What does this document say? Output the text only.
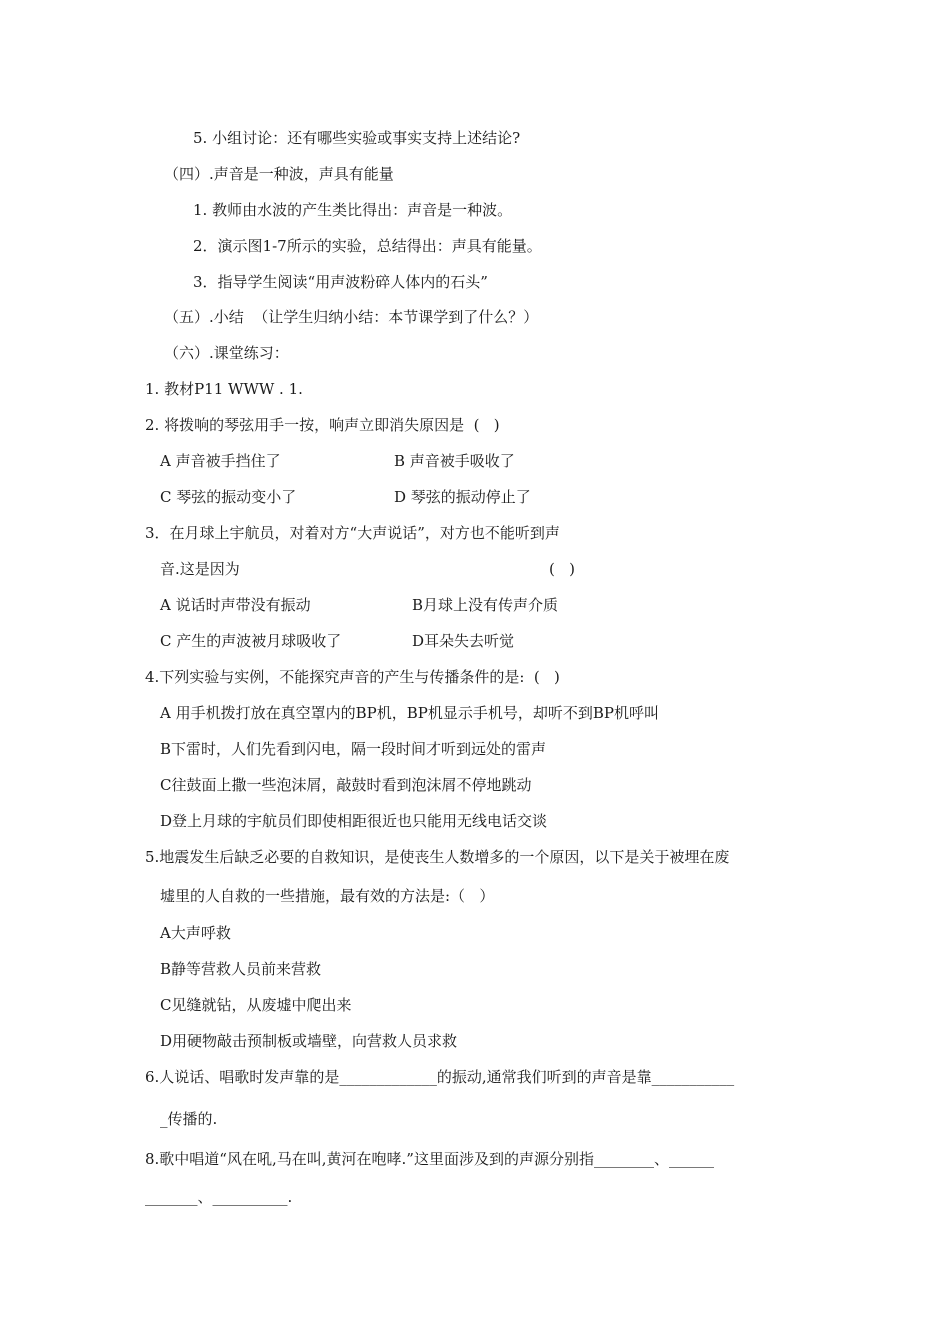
5. 小组讨论：还有哪些实验或事实支持上述结论?
（四）.声音是一种波，声具有能量
1. 教师由水波的产生类比得出：声音是一种波。
2．演示图1-7所示的实验，总结得出：声具有能量。
3．指导学生阅读“用声波粉碎人体内的石头”
（五）.小结  （让学生归纳小结：本节课学到了什么？）
（六）.课堂练习：
1. 教材P11 WWW . 1.
2. 将拨响的琴弦用手一按，响声立即消失原因是  (   )
A 声音被手挡住了	B 声音被手吸收了
C 琴弦的振动变小了	D 琴弦的振动停止了
3．在月球上宇航员，对着对方“大声说话”，对方也不能听到声
音.这是因为	(   )
A 说话时声带没有振动	B月球上没有传声介质
C 产生的声波被月球吸收了	D耳朵失去听觉
4.下列实验与实例，不能探究声音的产生与传播条件的是:  (   )
A 用手机拨打放在真空罩内的BP机，BP机显示手机号，却听不到BP机呼叫
B下雷时，人们先看到闪电，隔一段时间才听到远处的雷声
C往鼓面上撒一些泡沫屑，敲鼓时看到泡沫屑不停地跳动
D登上月球的宇航员们即使相距很近也只能用无线电话交谈
5.地震发生后缺乏必要的自救知识，是使丧生人数增多的一个原因，以下是关于被埋在废
墟里的人自救的一些措施，最有效的方法是:（   ）
A大声呼救
B静等营救人员前来营救
C见缝就钻，从废墟中爬出来
D用硬物敲击预制板或墙壁，向营救人员求救
6.人说话、唱歌时发声靠的是_____________的振动,通常我们听到的声音是靠___________
_传播的.
8.歌中唱道“风在吼,马在叫,黄河在咆哮.”这里面涉及到的声源分别指________、______
_______、__________.
